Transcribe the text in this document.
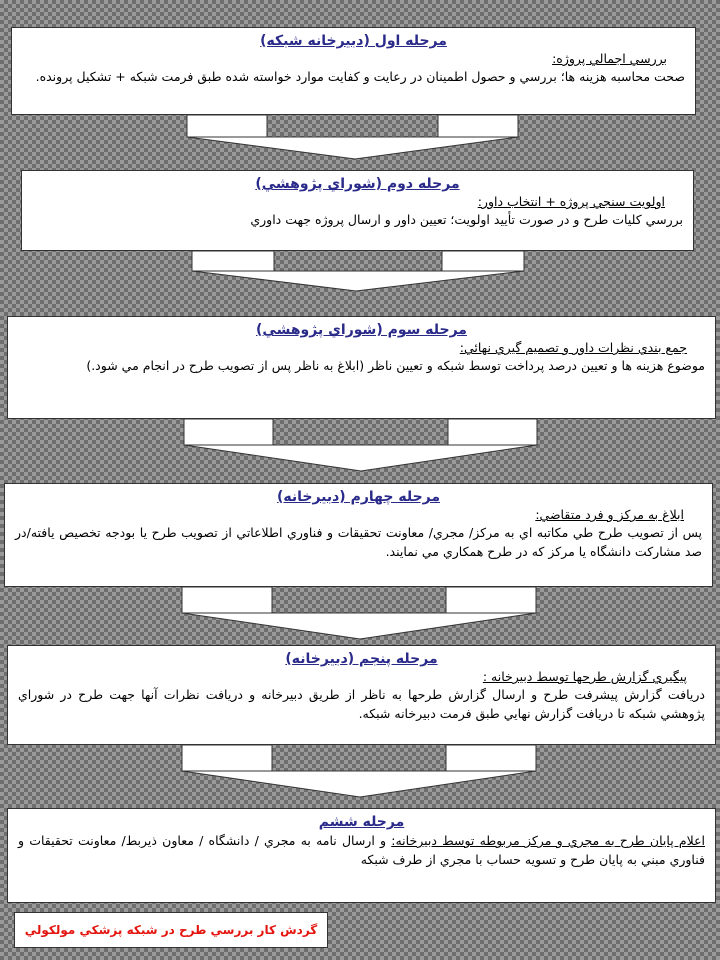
مرحله اول (دبيرخانه شبكه)
بررسي اجمالي پروژه:
صحت محاسبه هزينه ها؛ بررسي و حصول اطمينان در رعايت و كفايت موارد خواسته شده طبق فرمت شبكه + تشكيل پرونده.
مرحله دوم (شوراي پژوهشي)
اولويت سنجي پروژه + انتخاب داور:
بررسي كليات طرح و در صورت تأييد اولويت؛ تعيين داور و ارسال پروژه جهت داوري
مرحله سوم (شوراي پژوهشي)
جمع بندي نظرات داور و تصميم گيري نهائي:
موضوع هزينه ها و تعيين درصد پرداخت توسط شبكه و تعيين ناظر (ابلاغ به ناظر پس از تصويب طرح در انجام مي شود.)
مرحله چهارم (دبيرخانه)
ابلاغ به مركز و فرد متقاضي:
پس از تصويب طرح طي مكاتبه اي به مركز/ مجري/ معاونت تحقيقات و فناوري اطلاعاتي از تصويب طرح يا بودجه تخصيص يافته/در صد مشاركت دانشگاه يا مركز كه در طرح همكاري مي نمايند.
مرحله پنجم (دبيرخانه)
پيگيري گزارش طرحها توسط دبيرخانه :
دريافت گزارش پيشرفت طرح و ارسال گزارش طرحها به ناظر از طريق دبيرخانه و دريافت نظرات آنها جهت طرح در شوراي پژوهشي شبكه تا دريافت گزارش نهايي طبق فرمت دبيرخانه شبكه.
مرحله ششم
اعلام پايان طرح به مجري و مركز مربوطه توسط دبيرخانه: و ارسال نامه به مجري / دانشگاه / معاون ذيربط/ معاونت تحقيقات و فناوري مبني به پايان طرح و تسويه حساب با مجري از طرف شبكه
گردش كار بررسي طرح در شبكه پزشكي مولكولي
